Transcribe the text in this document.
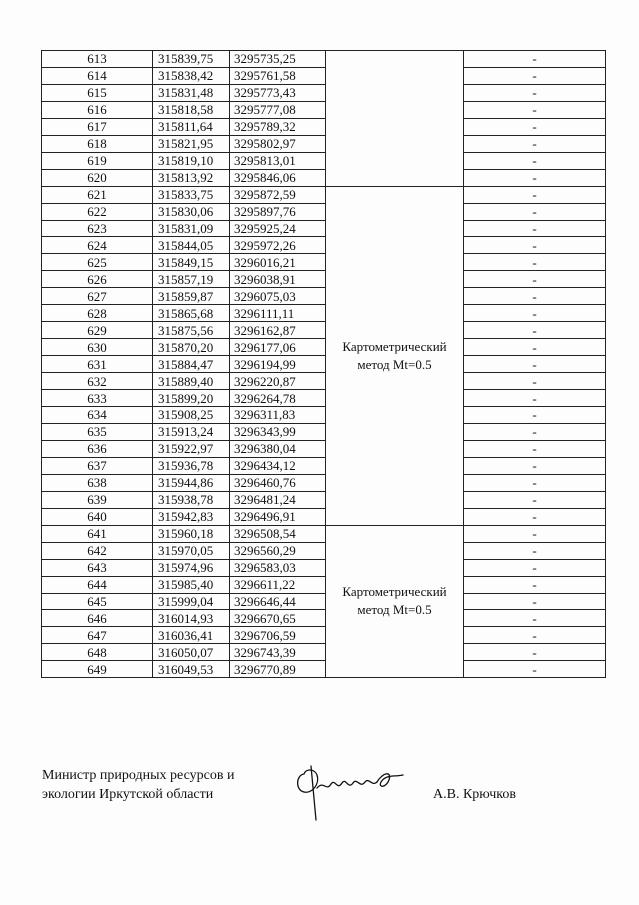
613	315839,75	3295735,25		-
614	315838,42	3295761,58		-
615	315831,48	3295773,43		-
616	315818,58	3295777,08		-
617	315811,64	3295789,32		-
618	315821,95	3295802,97		-
619	315819,10	3295813,01		-
620	315813,92	3295846,06		-
621	315833,75	3295872,59	Картометрический метод Mt=0.5	-
622	315830,06	3295897,76		-
623	315831,09	3295925,24		-
624	315844,05	3295972,26		-
625	315849,15	3296016,21		-
626	315857,19	3296038,91		-
627	315859,87	3296075,03		-
628	315865,68	3296111,11		-
629	315875,56	3296162,87		-
630	315870,20	3296177,06		-
631	315884,47	3296194,99		-
632	315889,40	3296220,87		-
633	315899,20	3296264,78		-
634	315908,25	3296311,83		-
635	315913,24	3296343,99		-
636	315922,97	3296380,04		-
637	315936,78	3296434,12		-
638	315944,86	3296460,76		-
639	315938,78	3296481,24		-
640	315942,83	3296496,91		-
641	315960,18	3296508,54	Картометрический метод Mt=0.5	-
642	315970,05	3296560,29		-
643	315974,96	3296583,03		-
644	315985,40	3296611,22		-
645	315999,04	3296646,44		-
646	316014,93	3296670,65		-
647	316036,41	3296706,59		-
648	316050,07	3296743,39		-
649	316049,53	3296770,89		-
Министр природных ресурсов и
экологии Иркутской области	А.В. Крючков
